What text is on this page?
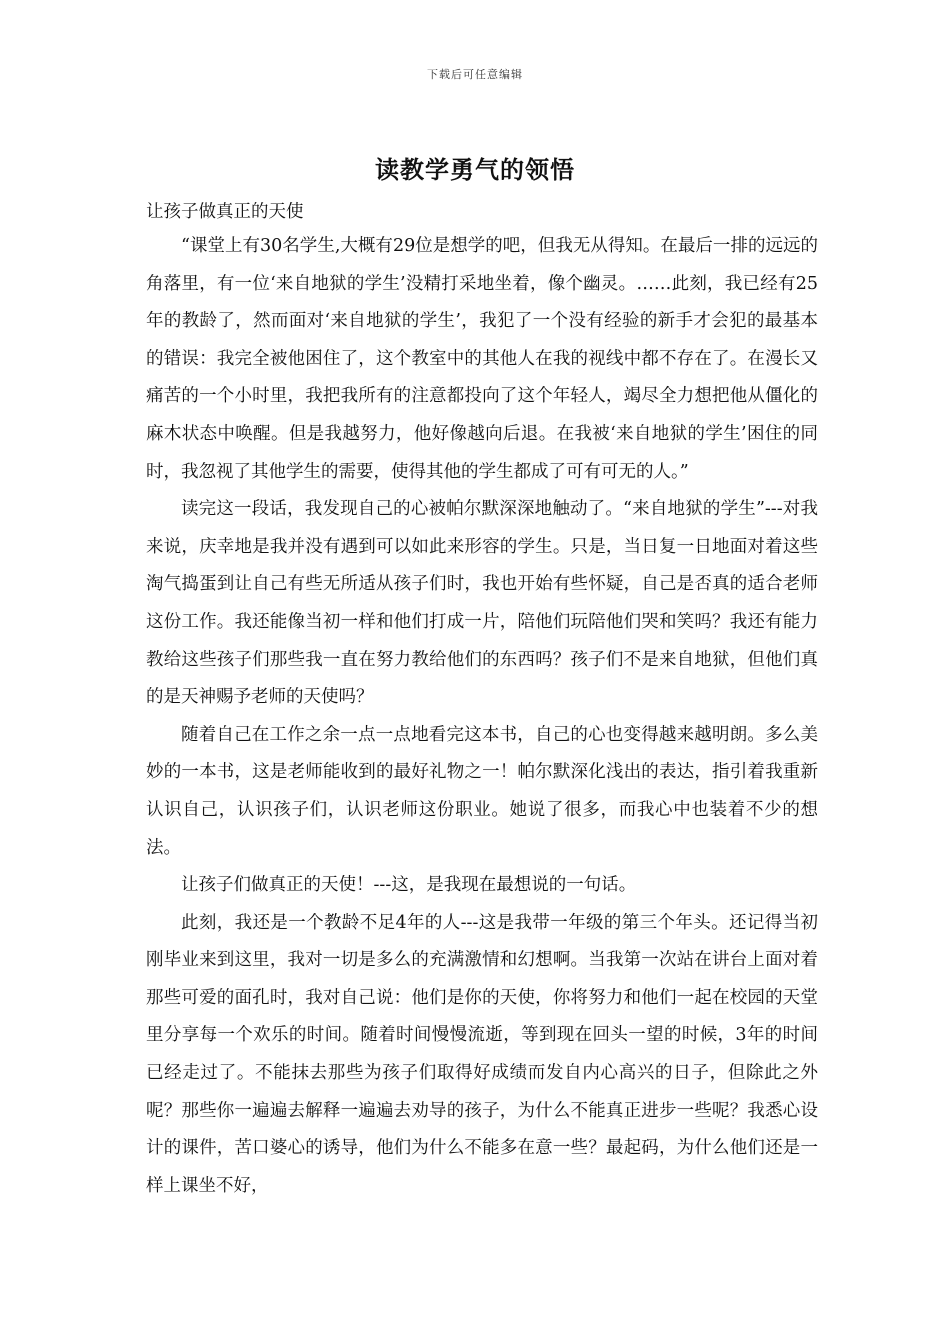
下载后可任意编辑
读教学勇气的领悟
让孩子做真正的天使

“课堂上有30名学生,大概有29位是想学的吧，但我无从得知。在最后一排的远远的角落里，有一位‘来自地狱的学生’没精打采地坐着，像个幽灵。……此刻，我已经有25年的教龄了，然而面对‘来自地狱的学生’，我犯了一个没有经验的新手才会犯的最基本的错误：我完全被他困住了，这个教室中的其他人在我的视线中都不存在了。在漫长又痛苦的一个小时里，我把我所有的注意都投向了这个年轻人，竭尽全力想把他从僵化的麻木状态中唤醒。但是我越努力，他好像越向后退。在我被‘来自地狱的学生’困住的同时，我忽视了其他学生的需要，使得其他的学生都成了可有可无的人。”

读完这一段话，我发现自己的心被帕尔默深深地触动了。“来自地狱的学生”---对我来说，庆幸地是我并没有遇到可以如此来形容的学生。只是，当日复一日地面对着这些淘气捣蛋到让自己有些无所适从孩子们时，我也开始有些怀疑，自己是否真的适合老师这份工作。我还能像当初一样和他们打成一片，陪他们玩陪他们哭和笑吗？我还有能力教给这些孩子们那些我一直在努力教给他们的东西吗？孩子们不是来自地狱，但他们真的是天神赐予老师的天使吗？

随着自己在工作之余一点一点地看完这本书，自己的心也变得越来越明朗。多么美妙的一本书，这是老师能收到的最好礼物之一！帕尔默深化浅出的表达，指引着我重新认识自己，认识孩子们，认识老师这份职业。她说了很多，而我心中也装着不少的想法。

让孩子们做真正的天使！---这，是我现在最想说的一句话。

此刻，我还是一个教龄不足4年的人---这是我带一年级的第三个年头。还记得当初刚毕业来到这里，我对一切是多么的充满激情和幻想啊。当我第一次站在讲台上面对着那些可爱的面孔时，我对自己说：他们是你的天使，你将努力和他们一起在校园的天堂里分享每一个欢乐的时间。随着时间慢慢流逝，等到现在回头一望的时候，3年的时间已经走过了。不能抹去那些为孩子们取得好成绩而发自内心高兴的日子，但除此之外呢？那些你一遍遍去解释一遍遍去劝导的孩子，为什么不能真正进步一些呢？我悉心设计的课件，苦口婆心的诱导，他们为什么不能多在意一些？最起码，为什么他们还是一样上课坐不好，
